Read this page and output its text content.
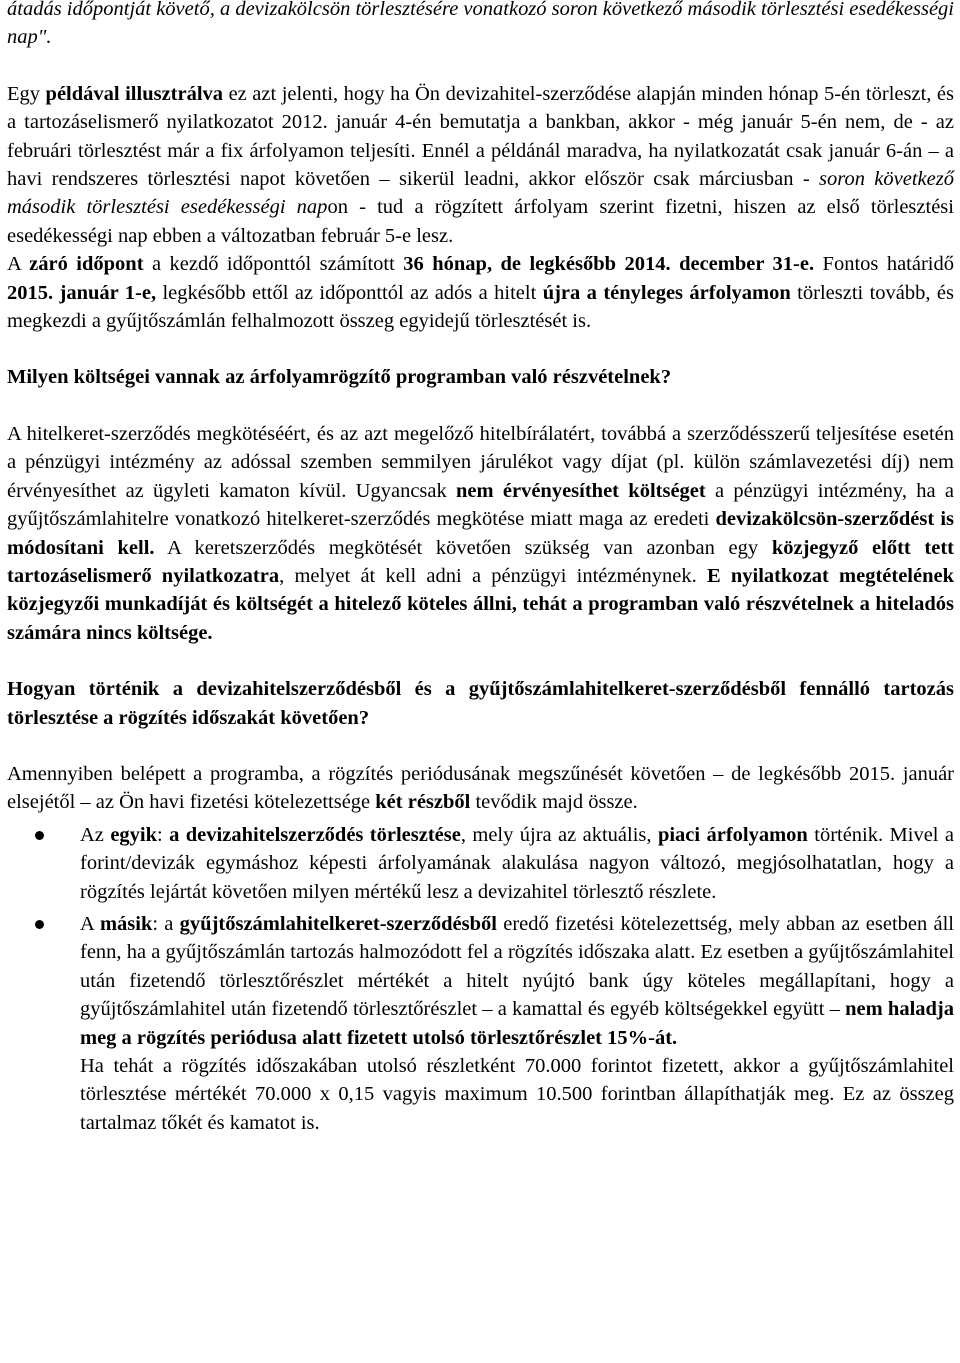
átadás időpontját követő, a devizakölcsön törlesztésére vonatkozó soron következő második törlesztési esedékességi nap".

Egy példával illusztrálva ez azt jelenti, hogy ha Ön devizahitel-szerződése alapján minden hónap 5-én törleszt, és a tartozáselismerő nyilatkozatot 2012. január 4-én bemutatja a bankban, akkor - még január 5-én nem, de - az februári törlesztést már a fix árfolyamon teljesíti. Ennél a példánál maradva, ha nyilatkozatát csak január 6-án – a havi rendszeres törlesztési napot követően – sikerül leadni, akkor először csak márciusban - soron következő második törlesztési esedékességi napon - tud a rögzített árfolyam szerint fizetni, hiszen az első törlesztési esedékességi nap ebben a változatban február 5-e lesz.

A záró időpont a kezdő időponttól számított 36 hónap, de legkésőbb 2014. december 31-e. Fontos határidő 2015. január 1-e, legkésőbb ettől az időponttól az adós a hitelt újra a tényleges árfolyamon törleszti tovább, és megkezdi a gyűjtőszámlán felhalmozott összeg egyidejű törlesztését is.

Milyen költségei vannak az árfolyamrögzítő programban való részvételnek?

A hitelkeret-szerződés megkötéséért, és az azt megelőző hitelbírálatért, továbbá a szerződésszerű teljesítése esetén a pénzügyi intézmény az adóssal szemben semmilyen járulékot vagy díjat (pl. külön számlavezetési díj) nem érvényesíthet az ügyleti kamaton kívül. Ugyancsak nem érvényesíthet költséget a pénzügyi intézmény, ha a gyűjtőszámlahitelre vonatkozó hitelkeret-szerződés megkötése miatt maga az eredeti devizakölcsön-szerződést is módosítani kell. A keretszerződés megkötését követően szükség van azonban egy közjegyző előtt tett tartozáselismerő nyilatkozatra, melyet át kell adni a pénzügyi intézménynek. E nyilatkozat megtételének közjegyzői munkadíját és költségét a hitelező köteles állni, tehát a programban való részvételnek a hiteladós számára nincs költsége.

Hogyan történik a devizahitelszerződésből és a gyűjtőszámlahitelkeret-szerződésből fennálló tartozás törlesztése a rögzítés időszakát követően?

Amennyiben belépett a programba, a rögzítés periódusának megszűnését követően – de legkésőbb 2015. január elsejétől – az Ön havi fizetési kötelezettsége két részből tevődik majd össze.

Az egyik: a devizahitelszerződés törlesztése, mely újra az aktuális, piaci árfolyamon történik. Mivel a forint/devizák egymáshoz képesti árfolyamának alakulása nagyon változó, megjósolhatatlan, hogy a rögzítés lejártát követően milyen mértékű lesz a devizahitel törlesztő részlete.
A másik: a gyűjtőszámlahitelkeret-szerződésből eredő fizetési kötelezettség, mely abban az esetben áll fenn, ha a gyűjtőszámlán tartozás halmozódott fel a rögzítés időszaka alatt. Ez esetben a gyűjtőszámlahitel után fizetendő törlesztőrészlet mértékét a hitelt nyújtó bank úgy köteles megállapítani, hogy a gyűjtőszámlahitel után fizetendő törlesztőrészlet – a kamattal és egyéb költségekkel együtt – nem haladja meg a rögzítés periódusa alatt fizetett utolsó törlesztőrészlet 15%-át.

Ha tehát a rögzítés időszakában utolsó részletként 70.000 forintot fizetett, akkor a gyűjtőszámlahitel törlesztése mértékét 70.000 x 0,15 vagyis maximum 10.500 forintban állapíthatják meg. Ez az összeg tartalmaz tőkét és kamatot is.
